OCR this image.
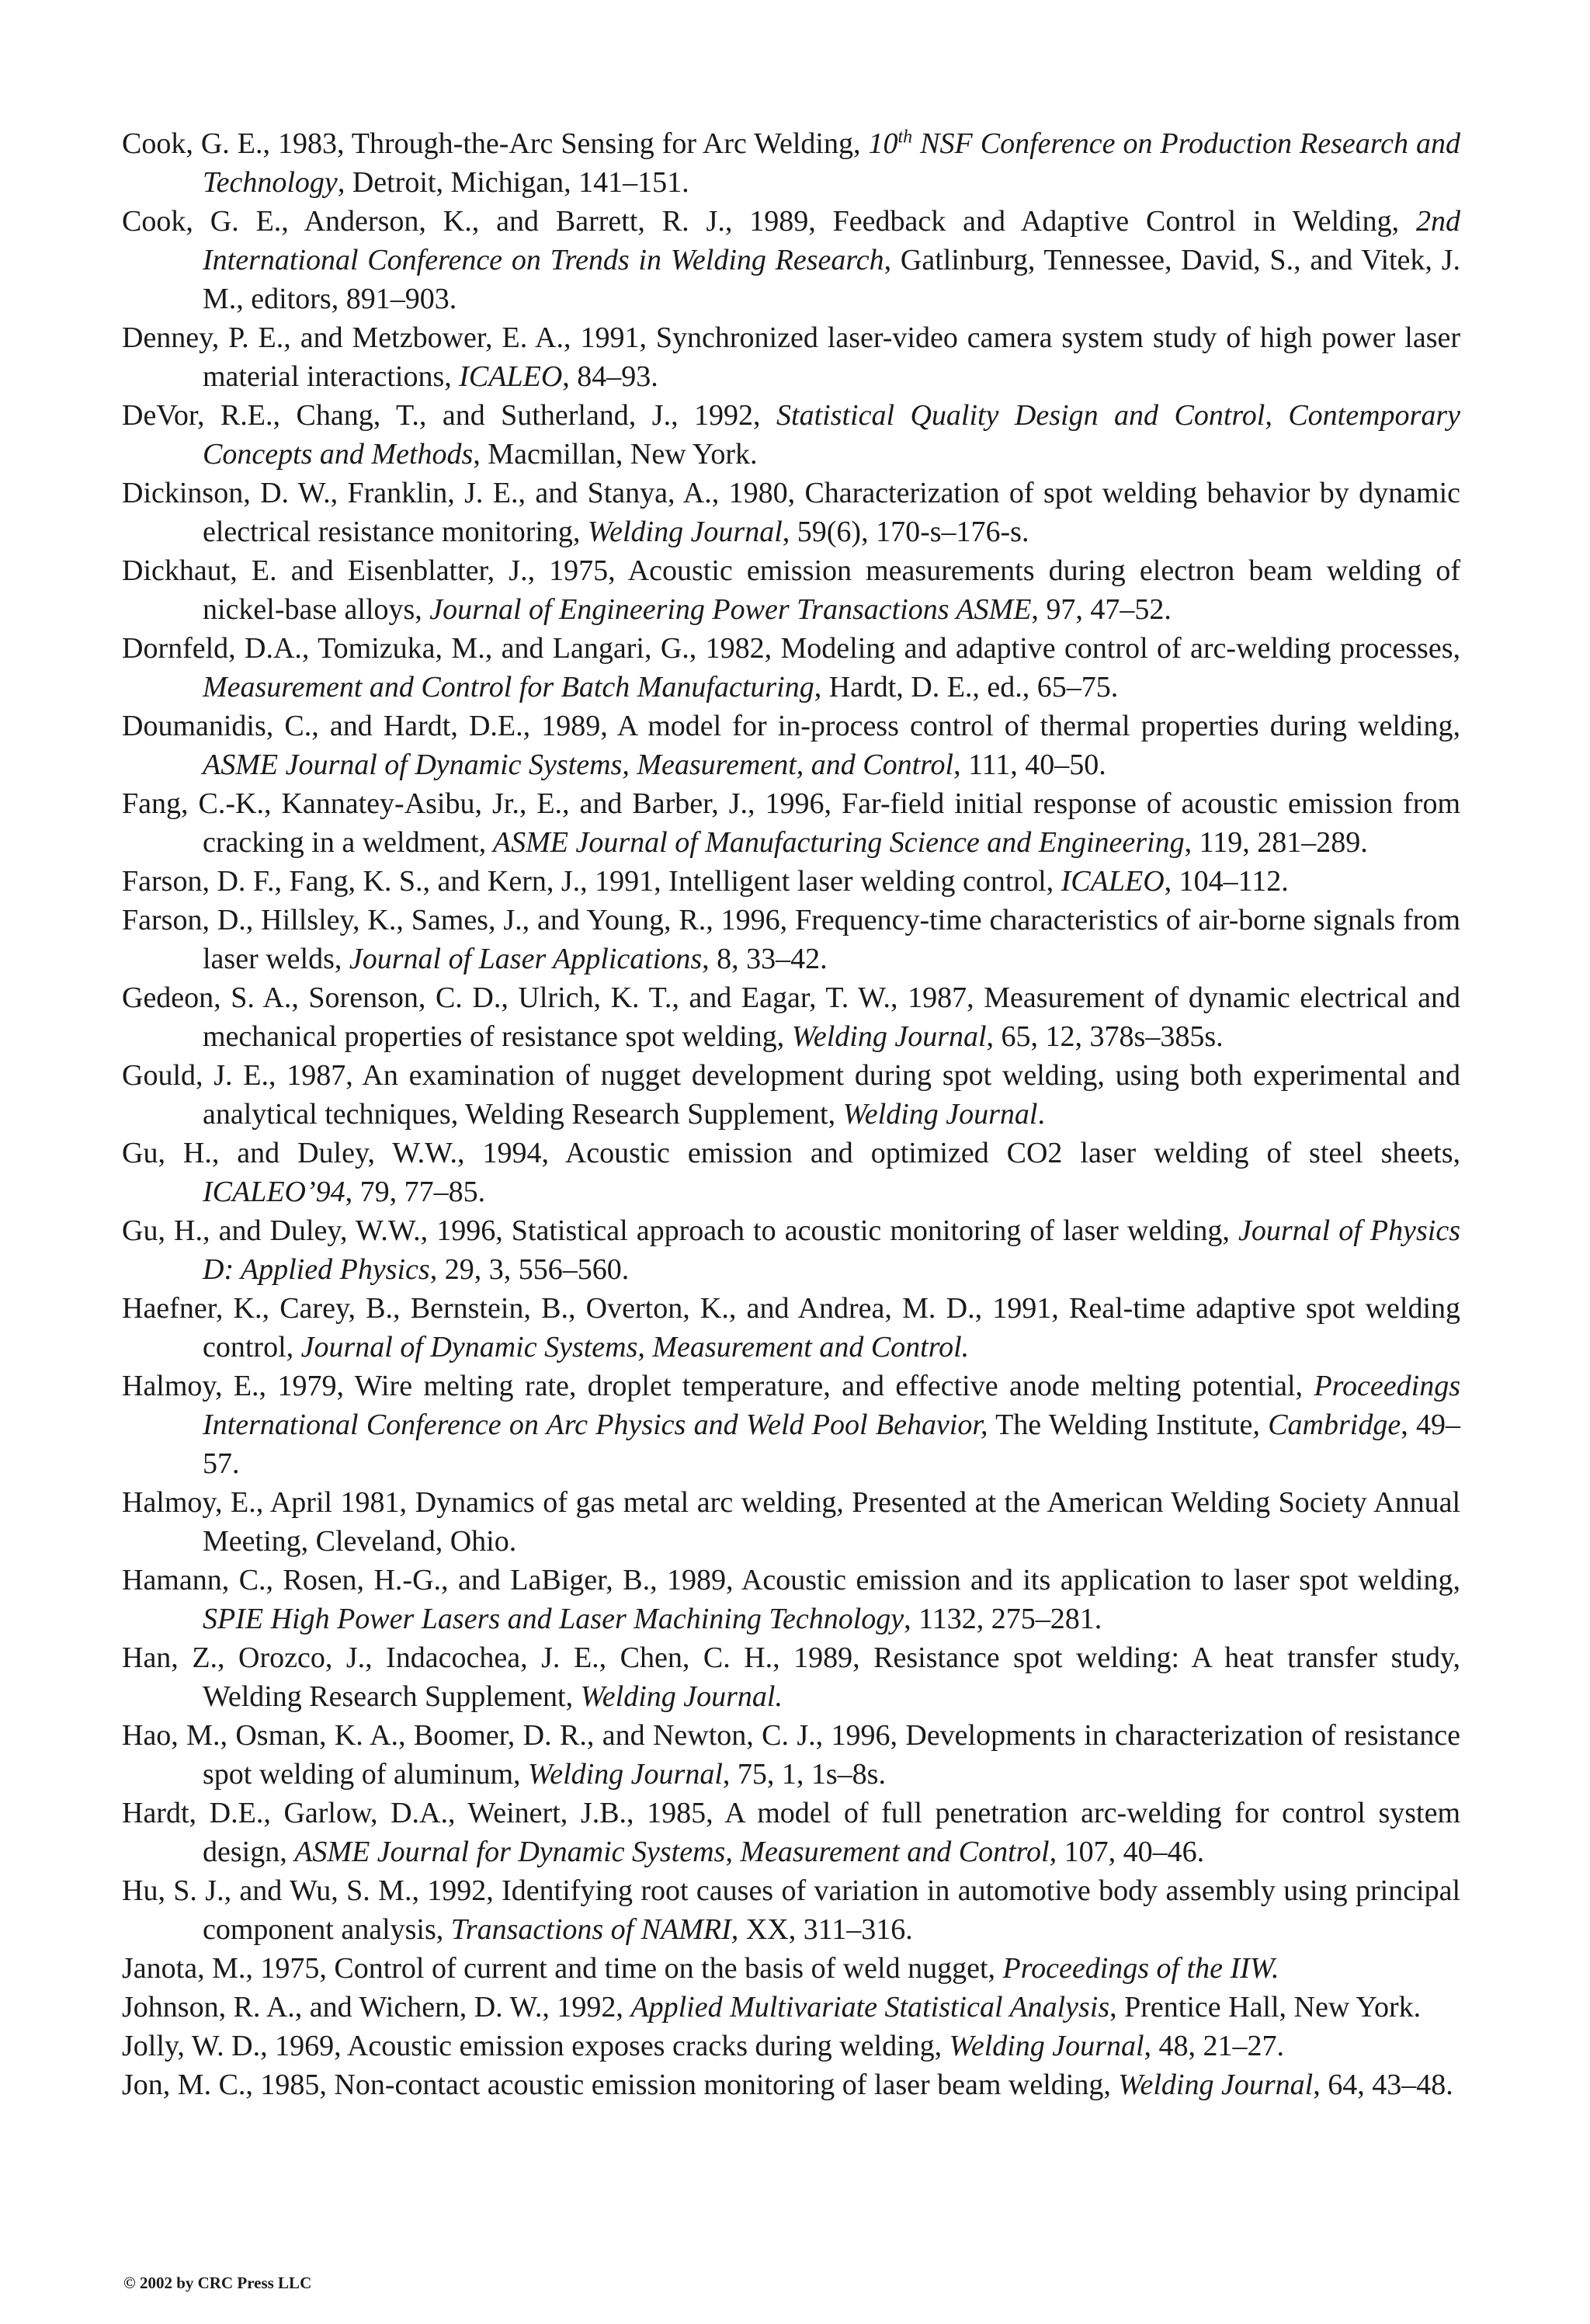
Cook, G. E., 1983, Through-the-Arc Sensing for Arc Welding, 10th NSF Conference on Production Research and Technology, Detroit, Michigan, 141–151.

Cook, G. E., Anderson, K., and Barrett, R. J., 1989, Feedback and Adaptive Control in Welding, 2nd International Conference on Trends in Welding Research, Gatlinburg, Tennessee, David, S., and Vitek, J. M., editors, 891–903.

Denney, P. E., and Metzbower, E. A., 1991, Synchronized laser-video camera system study of high power laser material interactions, ICALEO, 84–93.

DeVor, R.E., Chang, T., and Sutherland, J., 1992, Statistical Quality Design and Control, Contemporary Concepts and Methods, Macmillan, New York.

Dickinson, D. W., Franklin, J. E., and Stanya, A., 1980, Characterization of spot welding behavior by dynamic electrical resistance monitoring, Welding Journal, 59(6), 170-s–176-s.

Dickhaut, E. and Eisenblatter, J., 1975, Acoustic emission measurements during electron beam welding of nickel-base alloys, Journal of Engineering Power Transactions ASME, 97, 47–52.

Dornfeld, D.A., Tomizuka, M., and Langari, G., 1982, Modeling and adaptive control of arc-welding processes, Measurement and Control for Batch Manufacturing, Hardt, D. E., ed., 65–75.

Doumanidis, C., and Hardt, D.E., 1989, A model for in-process control of thermal properties during welding, ASME Journal of Dynamic Systems, Measurement, and Control, 111, 40–50.

Fang, C.-K., Kannatey-Asibu, Jr., E., and Barber, J., 1996, Far-field initial response of acoustic emission from cracking in a weldment, ASME Journal of Manufacturing Science and Engineering, 119, 281–289.

Farson, D. F., Fang, K. S., and Kern, J., 1991, Intelligent laser welding control, ICALEO, 104–112.

Farson, D., Hillsley, K., Sames, J., and Young, R., 1996, Frequency-time characteristics of air-borne signals from laser welds, Journal of Laser Applications, 8, 33–42.

Gedeon, S. A., Sorenson, C. D., Ulrich, K. T., and Eagar, T. W., 1987, Measurement of dynamic electrical and mechanical properties of resistance spot welding, Welding Journal, 65, 12, 378s–385s.

Gould, J. E., 1987, An examination of nugget development during spot welding, using both experimental and analytical techniques, Welding Research Supplement, Welding Journal.

Gu, H., and Duley, W.W., 1994, Acoustic emission and optimized CO2 laser welding of steel sheets, ICALEO’94, 79, 77–85.

Gu, H., and Duley, W.W., 1996, Statistical approach to acoustic monitoring of laser welding, Journal of Physics D: Applied Physics, 29, 3, 556–560.

Haefner, K., Carey, B., Bernstein, B., Overton, K., and Andrea, M. D., 1991, Real-time adaptive spot welding control, Journal of Dynamic Systems, Measurement and Control.

Halmoy, E., 1979, Wire melting rate, droplet temperature, and effective anode melting potential, Proceedings International Conference on Arc Physics and Weld Pool Behavior, The Welding Institute, Cambridge, 49–57.

Halmoy, E., April 1981, Dynamics of gas metal arc welding, Presented at the American Welding Society Annual Meeting, Cleveland, Ohio.

Hamann, C., Rosen, H.-G., and LaBiger, B., 1989, Acoustic emission and its application to laser spot welding, SPIE High Power Lasers and Laser Machining Technology, 1132, 275–281.

Han, Z., Orozco, J., Indacochea, J. E., Chen, C. H., 1989, Resistance spot welding: A heat transfer study, Welding Research Supplement, Welding Journal.

Hao, M., Osman, K. A., Boomer, D. R., and Newton, C. J., 1996, Developments in characterization of resistance spot welding of aluminum, Welding Journal, 75, 1, 1s–8s.

Hardt, D.E., Garlow, D.A., Weinert, J.B., 1985, A model of full penetration arc-welding for control system design, ASME Journal for Dynamic Systems, Measurement and Control, 107, 40–46.

Hu, S. J., and Wu, S. M., 1992, Identifying root causes of variation in automotive body assembly using principal component analysis, Transactions of NAMRI, XX, 311–316.

Janota, M., 1975, Control of current and time on the basis of weld nugget, Proceedings of the IIW.

Johnson, R. A., and Wichern, D. W., 1992, Applied Multivariate Statistical Analysis, Prentice Hall, New York.

Jolly, W. D., 1969, Acoustic emission exposes cracks during welding, Welding Journal, 48, 21–27.

Jon, M. C., 1985, Non-contact acoustic emission monitoring of laser beam welding, Welding Journal, 64, 43–48.

© 2002 by CRC Press LLC
